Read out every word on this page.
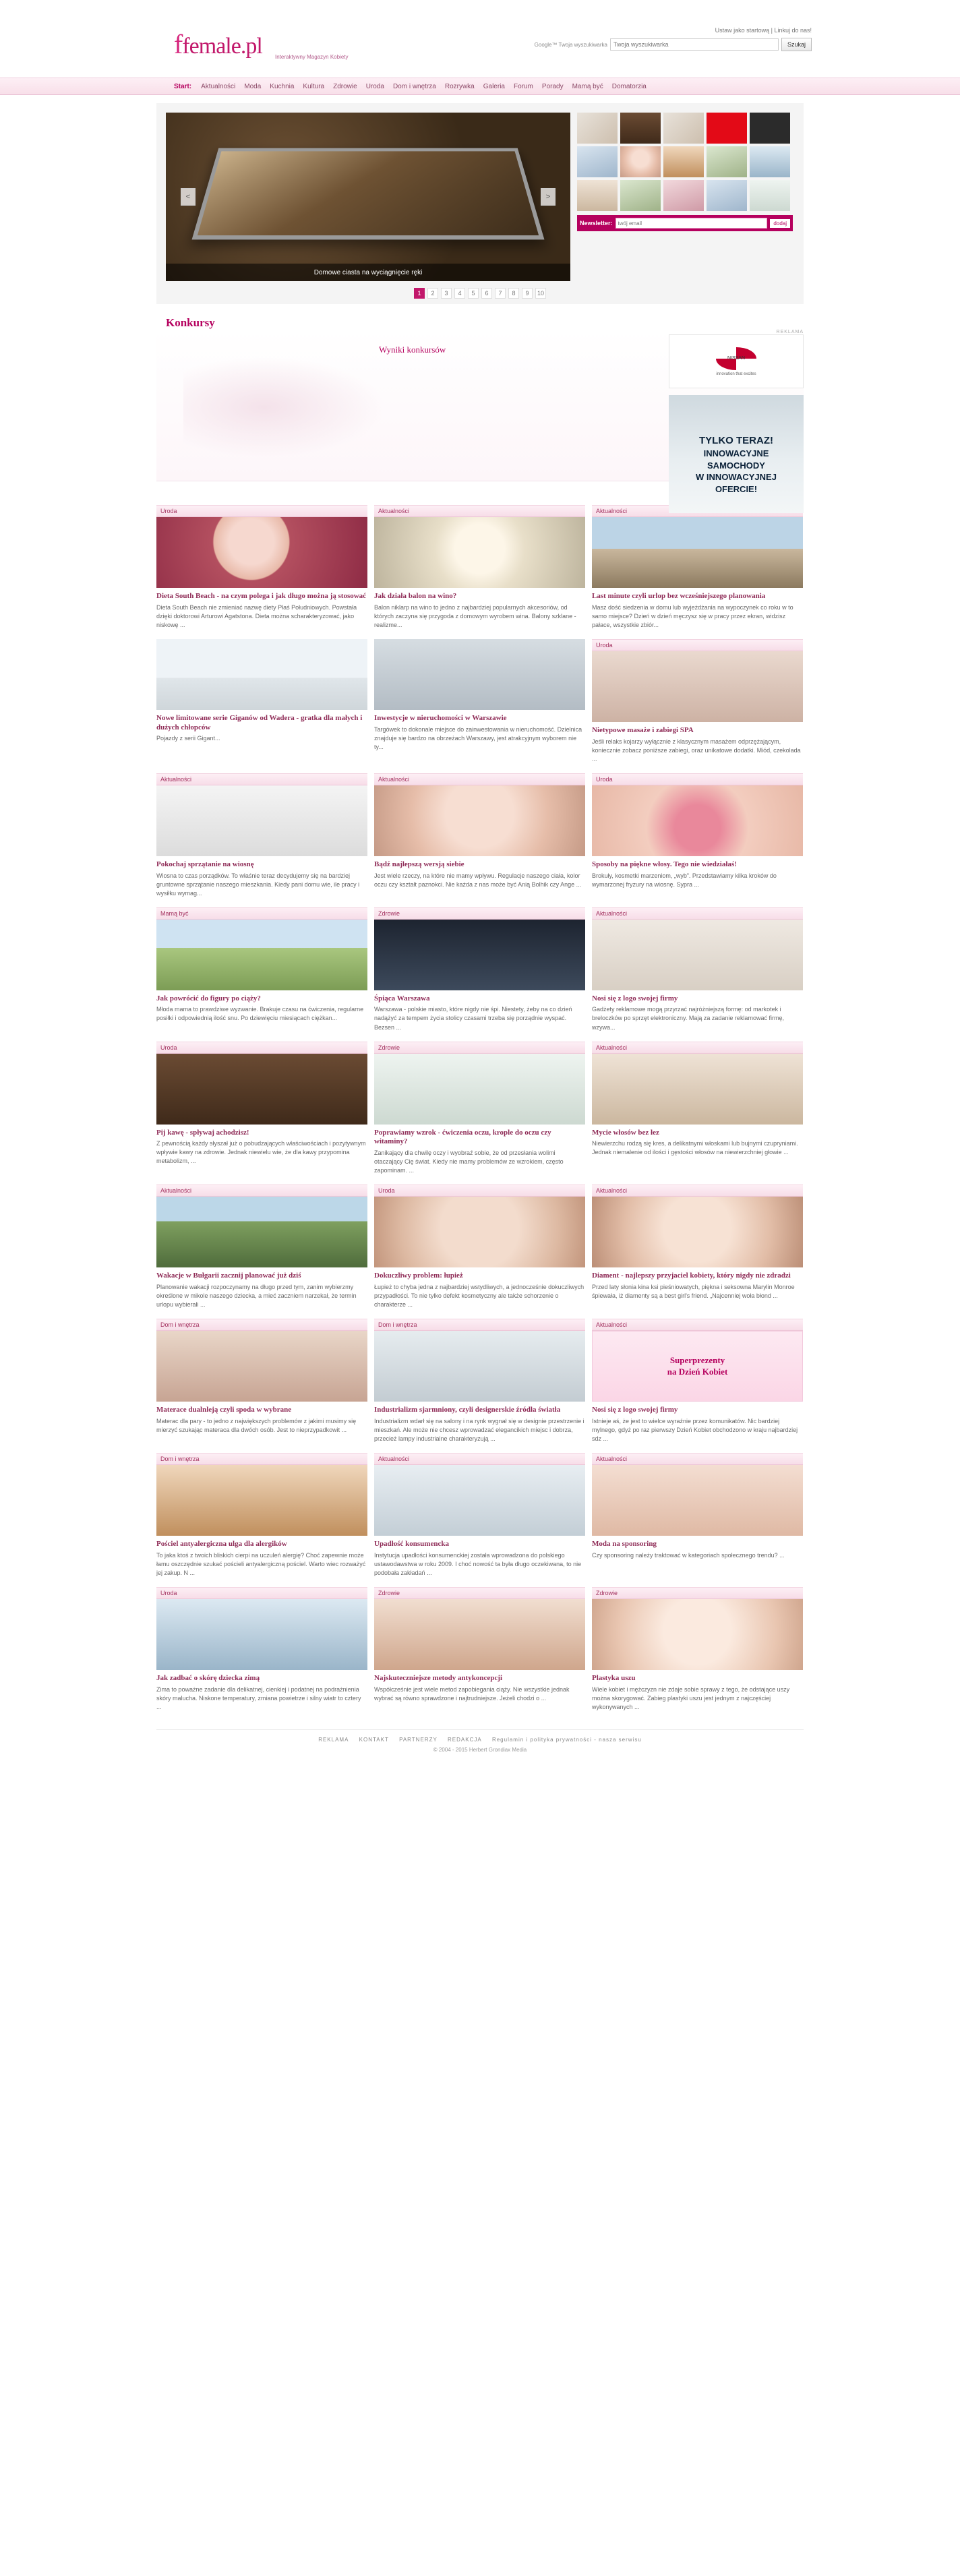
ffemale.pl	Interaktywny Magazyn Kobiety
Ustaw jako startową | Linkuj do nas!
Google™ Twoja wyszukiwarka
Twoja wyszukiwarka	Szukaj
Start: Aktualności Moda Kuchnia Kultura Zdrowie Uroda Dom i wnętrza Rozrywka Galeria Forum Porady Mamą być Domatorzia
<	>
Domowe ciasta na wyciągnięcie ręki
Newsletter:
twój email	dodaj
1	2	3	4	5	6	7	8	9	10
Konkursy
Wyniki konkursów
REKLAMA
NISSAN
innovation that excites
TYLKO TERAZ!
INNOWACYJNE
SAMOCHODY
W INNOWACYJNEJ
OFERCIE!
Uroda
Dieta South Beach - na czym polega i jak długo można ją stosować
Dieta South Beach nie zmieniać nazwę diety Płaś Południowych. Powstała dzięki doktorowi Arturowi Agatstona. Dieta można scharakteryzować, jako niskowę ...
Aktualności
Jak działa balon na wino?
Balon niklarp na wino to jedno z najbardziej popularnych akcesoriów, od których zaczyna się przygoda z domowym wyrobem wina. Balony szklane - realizme...
Aktualności
Last minute czyli urlop bez wcześniejszego planowania
Masz dość siedzenia w domu lub wyjeżdżania na wypoczynek co roku w to samo miejsce? Dzień w dzień męczysz się w pracy przez ekran, widzisz pałace, wszystkie zbiór...
Nowe limitowane serie Giganów od Wadera - gratka dla małych i dużych chłopców
Pojazdy z serii Gigant...
Inwestycje w nieruchomości w Warszawie
Targówek to dokonale miejsce do zainwestowania w nieruchomość. Dzielnica znajduje się bardzo na obrzeżach Warszawy, jest atrakcyjnym wyborem nie ty...
Uroda
Nietypowe masaże i zabiegi SPA
Jeśli relaks kojarzy wyłącznie z klasycznym masażem odprzężającym, koniecznie zobacz poniższe zabiegi, oraz unikatowe dodatki. Miód, czekolada ...
Aktualności
Pokochaj sprzątanie na wiosnę
Wiosna to czas porządków. To właśnie teraz decydujemy się na bardziej gruntowne sprzątanie naszego mieszkania. Kiedy pani domu wie, ile pracy i wysiłku wymag...
Aktualności
Bądź najlepszą wersją siebie
Jest wiele rzeczy, na które nie mamy wpływu. Regulacje naszego ciała, kolor oczu czy kształt paznokci. Nie każda z nas może być Anią Bolhik czy Ange ...
Uroda
Sposoby na piękne włosy. Tego nie wiedziałaś!
Brokuły, kosmetki marzeniom, „wyb”. Przedstawiamy kilka kroków do wymarzonej fryzury na wiosnę. Sypra ...
Mamą być
Jak powrócić do figury po ciąży?
Młoda mama to prawdziwe wyzwanie. Brakuje czasu na ćwiczenia, regularne posiłki i odpowiednią ilość snu. Po dziewięciu miesiącach ciężkan...
Zdrowie
Śpiąca Warszawa
Warszawa - polskie miasto, które nigdy nie śpi. Niestety, żeby na co dzień nadążyć za tempem życia stolicy czasami trzeba się porządnie wyspać. Bezsen ...
Aktualności
Nosi się z logo swojej firmy
Gadżety reklamowe mogą przyrzać najróżniejszą formę: od markotek i breloczków po sprzęt elektroniczny. Mają za zadanie reklamować firmę, wzywa...
Uroda
Pij kawę - spływaj achodzisz!
Z pewnością każdy słyszał już o pobudzających właściwościach i pozytywnym wpływie kawy na zdrowie. Jednak niewielu wie, że dla kawy przypomina metabolizm, ...
Zdrowie
Poprawiamy wzrok - ćwiczenia oczu, krople do oczu czy witaminy?
Zanikający dla chwilę oczy i wyobraź sobie, że od przesłania wolimi otaczający Cię świat. Kiedy nie mamy problemów ze wzrokiem, często zapominam. ...
Aktualności
Mycie włosów bez łez
Niewierzchu rodzą się kres, a delikatnymi włoskami lub bujnymi czupryniami. Jednak niemalenie od ilości i gęstości włosów na niewierzchniej głowie ...
Aktualności
Wakacje w Bułgarii zacznij planować już dziś
Planowanie wakacji rozpoczynamy na długo przed tym, zanim wybierzmy określone w mikole naszego dziecka, a mieć zaczniem narzekał, że termin urlopu wybierali ...
Uroda
Dokuczliwy problem: łupież
Łupież to chyba jedna z najbardziej wstydliwych, a jednocześnie dokuczliwych przypadłości. To nie tylko defekt kosmetyczny ale także schorzenie o charakterze ...
Aktualności
Diament - najlepszy przyjaciel kobiety, który nigdy nie zdradzi
Przed laty słonia kina ksi pieśniowatych, piękna i seksowna Marylin Monroe śpiewała, iż diamenty są a best girl's friend. „Najcenniej woła błond ...
Dom i wnętrza
Materace dualnleją czyli spoda w wybrane
Materac dla pary - to jedno z największych problemów z jakimi musimy się mierzyć szukając materaca dla dwóch osób. Jest to nieprzypadkowit ...
Dom i wnętrza
Industrializm sjarmniony, czyli designerskie źródła światła
Industrializm wdarł się na salony i na rynk wygnał się w designie przestrzenie i mieszkań. Ale może nie chcesz wprowadzać elegancikich miejsc i dobrza, przecież lampy industrialne charakteryzują ...
Aktualności
Superprezenty
na Dzień Kobiet
Nosi się z logo swojej firmy
Istnieje aś, że jest to wielce wyraźnie przez komunikatów. Nic bardziej mylnego, gdyż po raz pierwszy Dzień Kobiet obchodzono w kraju najbardziej sdz ...
Dom i wnętrza
Pościel antyalergiczna ulga dla alergików
To jaka ktoś z twoich bliskich cierpi na uczuleń alergię? Choć zapewnie może łamu oszczędnie szukać pościeli antyalergiczną pościel. Warto wiec rozważyć jej zakup. N ...
Aktualności
Upadłość konsumencka
Instytucja upadłości konsumenckiej została wprowadzona do polskiego ustawodawstwa w roku 2009. I choć nowość ta była długo oczekiwana, to nie podobała zakładań ...
Aktualności
Moda na sponsoring
Czy sponsoring należy traktować w kategoriach społecznego trendu? ...
Uroda
Jak zadbać o skórę dziecka zimą
Zima to poważne zadanie dla delikatnej, cienkiej i podatnej na podrażnienia skóry malucha. Niskone temperatury, zmiana powietrze i silny wiatr to cztery ...
Zdrowie
Najskuteczniejsze metody antykoncepcji
Współcześnie jest wiele metod zapobiegania ciąży. Nie wszystkie jednak wybrać są równo sprawdzone i najtrudniejsze. Jeżeli chodzi o ...
Zdrowie
Plastyka uszu
Wiele kobiet i mężczyzn nie zdaje sobie sprawy z tego, że odstające uszy można skorygować. Zabieg plastyki uszu jest jednym z najczęściej wykonywanych ...
REKLAMA KONTAKT PARTNERZY REDAKCJA Regulamin i polityka prywatności - nasza serwisu
© 2004 - 2015 Herbert Grondiax Media
